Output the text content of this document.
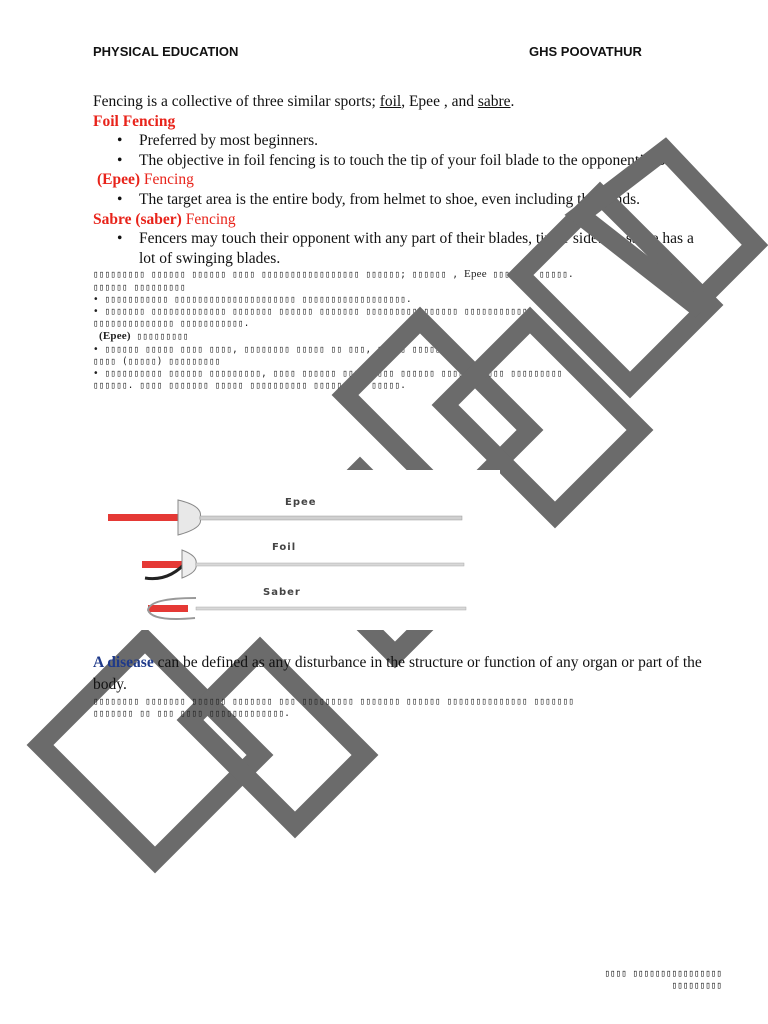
PHYSICAL EDUCATION	GHS POOVATHUR

Fencing is a collective of three similar sports; foil, Epee , and sabre.

Foil Fencing

• Preferred by most beginners.
• The objective in foil fencing is to touch the tip of your foil blade to the opponent’s torso

(Epee) Fencing

• The target area is the entire body, from helmet to shoe, even including the hands.

Sabre (saber) Fencing

• Fencers may touch their opponent with any part of their blades, tip or side. So sabre has a lot of swinging blades.
▯▯▯▯▯▯▯▯▯ ▯▯▯▯▯▯ ▯▯▯▯▯▯ ▯▯▯▯ ▯▯▯▯▯▯▯▯▯▯▯▯▯▯▯▯▯ ▯▯▯▯▯▯; ▯▯▯▯▯▯ , Epee ▯▯▯▯▯▯▯ ▯▯▯▯▯.
▯▯▯▯▯▯ ▯▯▯▯▯▯▯▯▯
• ▯▯▯▯▯▯▯▯▯▯▯ ▯▯▯▯▯▯▯▯▯▯▯▯▯▯▯▯▯▯▯▯▯ ▯▯▯▯▯▯▯▯▯▯▯▯▯▯▯▯▯▯.
• ▯▯▯▯▯▯▯ ▯▯▯▯▯▯▯▯▯▯▯▯▯ ▯▯▯▯▯▯▯ ▯▯▯▯▯▯ ▯▯▯▯▯▯▯ ▯▯▯▯▯▯▯▯▯ ▯▯▯▯▯▯ ▯▯▯▯▯▯▯▯▯▯▯
▯▯▯▯▯▯▯▯▯▯▯▯▯▯ ▯▯▯▯▯▯▯▯▯▯▯.
(Epee) ▯▯▯▯▯▯▯▯▯
• ▯▯▯▯▯▯ ▯▯▯▯▯ ▯▯▯▯ ▯▯▯▯, ▯▯▯▯▯▯▯▯ ▯▯▯▯▯ ▯▯ ▯▯▯, ▯▯▯▯▯ ▯▯▯▯▯.
▯▯▯▯ (▯▯▯▯▯) ▯▯▯▯▯▯▯▯▯
• ▯▯▯▯▯▯▯▯▯▯ ▯▯▯▯▯▯ ▯▯▯▯▯▯▯▯▯, ▯▯▯▯ ▯▯▯▯▯▯ ▯▯▯▯▯▯▯▯▯ ▯▯▯▯▯▯ ▯▯▯▯▯▯▯▯▯▯▯ ▯▯▯▯▯▯▯▯▯
▯▯▯▯▯▯. ▯▯▯▯ ▯▯▯▯▯▯▯ ▯▯▯▯▯ ▯▯▯▯▯▯▯▯▯▯ ▯▯▯▯▯▯▯▯▯ ▯▯▯▯▯.
Epee
Foil
Saber

A disease can be defined as any disturbance in the structure or function of any organ or part of the body.

▯▯▯▯▯▯▯▯ ▯▯▯▯▯▯▯ ▯▯▯▯▯▯ ▯▯▯▯▯▯▯ ▯▯▯ ▯▯▯▯▯▯▯▯▯ ▯▯▯▯▯▯▯ ▯▯▯▯▯▯ ▯▯▯▯▯▯▯▯▯▯▯▯▯▯ ▯▯▯▯▯▯▯
▯▯▯▯▯▯▯ ▯▯ ▯▯▯ ▯▯▯▯ ▯▯▯▯▯▯▯▯▯▯▯▯▯.
▯▯▯▯ ▯▯▯▯▯▯▯▯▯▯▯▯▯▯▯▯
▯▯▯▯▯▯▯▯▯
